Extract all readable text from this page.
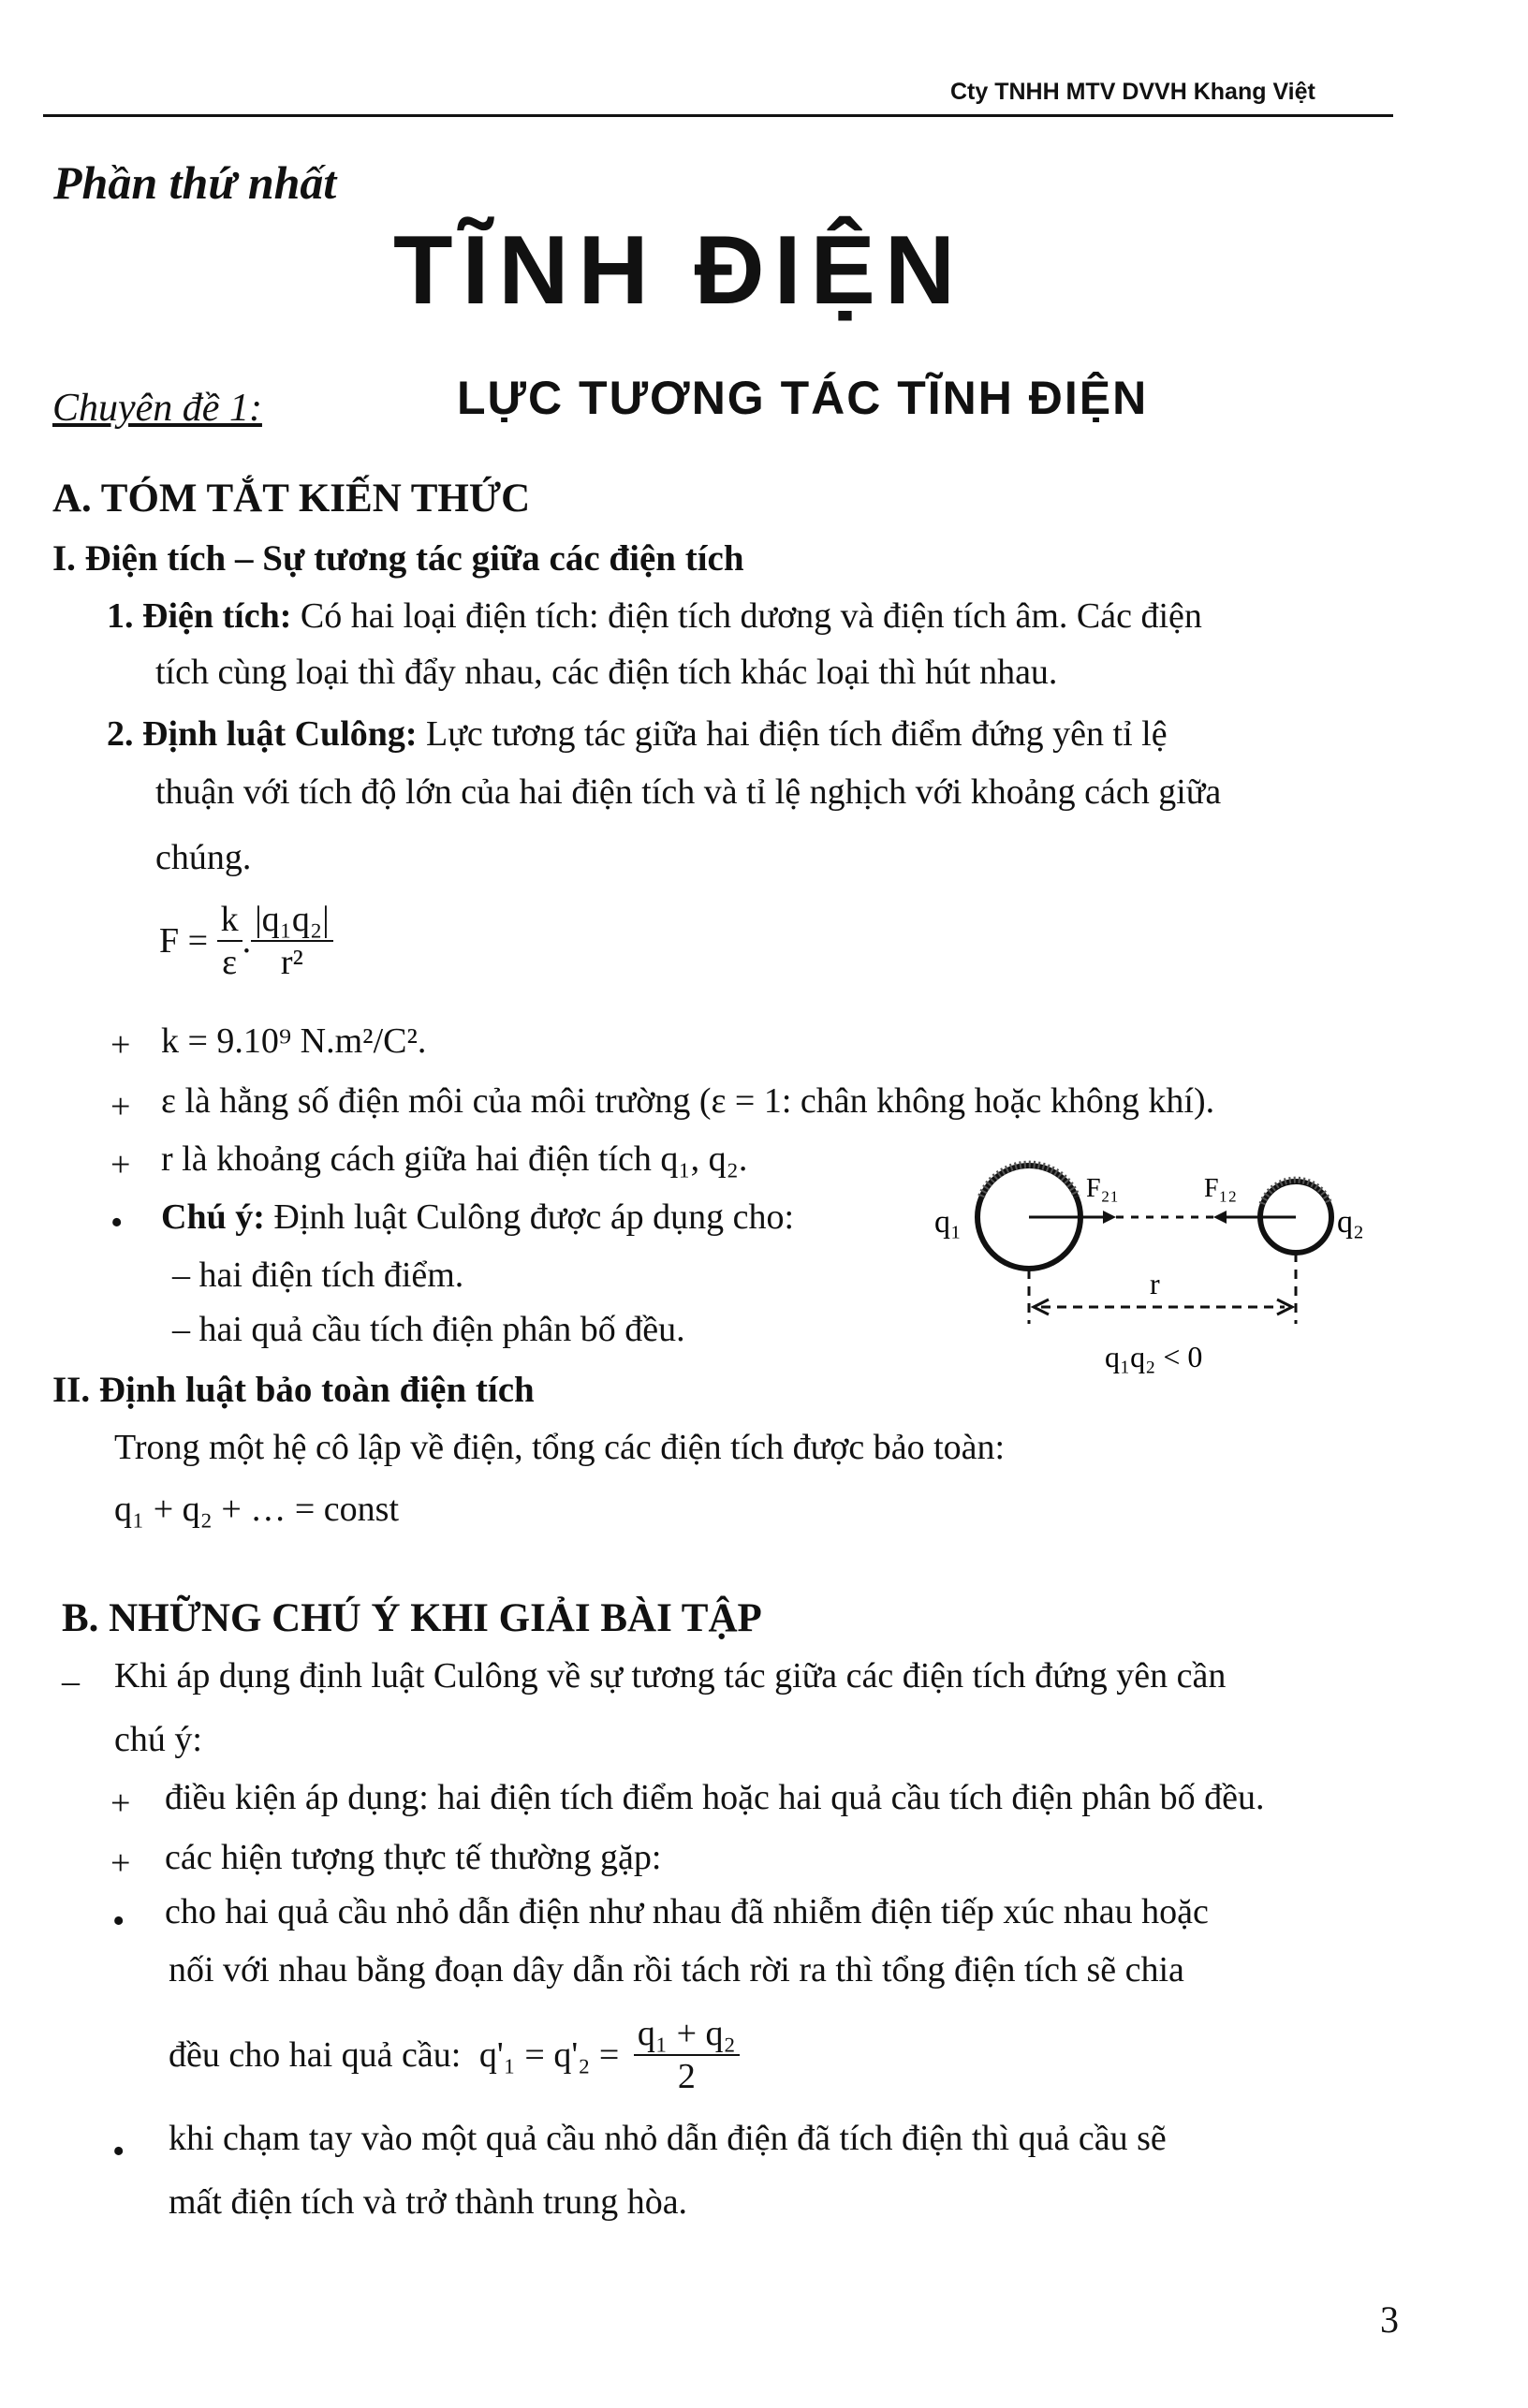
Cty TNHH MTV DVVH Khang Việt
Phần thứ nhất
TĨNH ĐIỆN
Chuyên đề 1:	LỰC TƯƠNG TÁC TĨNH ĐIỆN
A. TÓM TẮT KIẾN THỨC
I. Điện tích – Sự tương tác giữa các điện tích
1. Điện tích: Có hai loại điện tích: điện tích dương và điện tích âm. Các điện
tích cùng loại thì đẩy nhau, các điện tích khác loại thì hút nhau.
2. Định luật Culông: Lực tương tác giữa hai điện tích điểm đứng yên tỉ lệ
thuận với tích độ lớn của hai điện tích và tỉ lệ nghịch với khoảng cách giữa
chúng.
$F = \frac{k}{\varepsilon}$ . $\frac{\text{|q₁q₂|}}{\text{r²}}$
+ k = 9.10⁹ N.m²/C².
+ ε là hằng số điện môi của môi trường (ε = 1: chân không hoặc không khí).
+ r là khoảng cách giữa hai điện tích q₁, q₂.
• Chú ý: Định luật Culông được áp dụng cho:
– hai điện tích điểm.
– hai quả cầu tích điện phân bố đều.
q₁	q₂
F₂₁	F₁₂
r
q₁q₂ < 0
II. Định luật bảo toàn điện tích
Trong một hệ cô lập về điện, tổng các điện tích được bảo toàn:
q₁ + q₂ + … = const
B. NHỮNG CHÚ Ý KHI GIẢI BÀI TẬP
– Khi áp dụng định luật Culông về sự tương tác giữa các điện tích đứng yên cần
chú ý:
+ điều kiện áp dụng: hai điện tích điểm hoặc hai quả cầu tích điện phân bố đều.
+ các hiện tượng thực tế thường gặp:
• cho hai quả cầu nhỏ dẫn điện như nhau đã nhiễm điện tiếp xúc nhau hoặc
nối với nhau bằng đoạn dây dẫn rồi tách rời ra thì tổng điện tích sẽ chia
đều cho hai quả cầu: $q'_1 = q'_2 = \frac{\text{q₁ + q₂}}{2}$
• khi chạm tay vào một quả cầu nhỏ dẫn điện đã tích điện thì quả cầu sẽ
mất điện tích và trở thành trung hòa.
3
